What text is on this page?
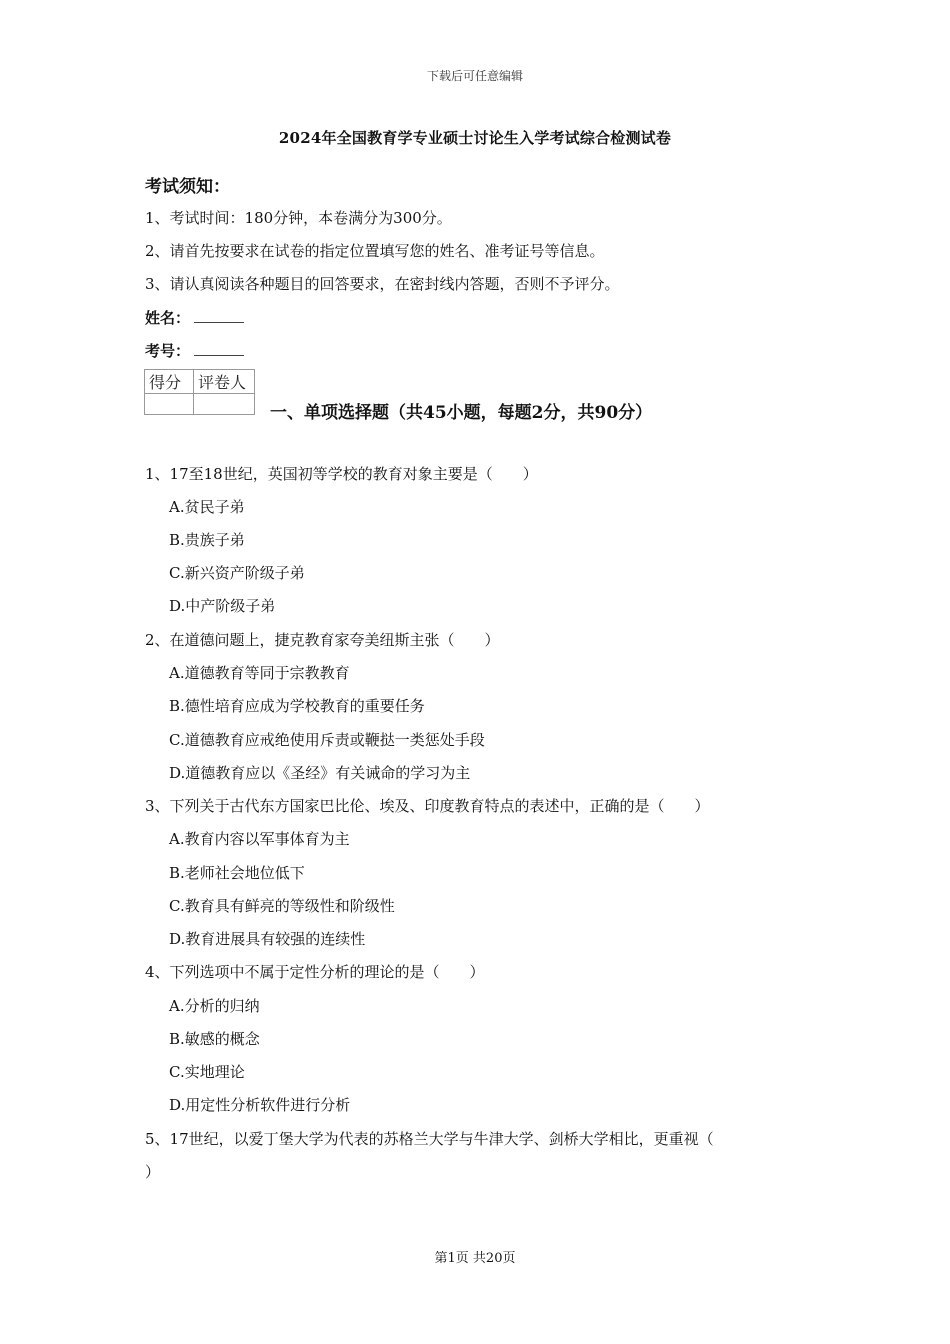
下载后可任意编辑
2024年全国教育学专业硕士讨论生入学考试综合检测试卷
考试须知：
1、考试时间：180分钟，本卷满分为300分。
2、请首先按要求在试卷的指定位置填写您的姓名、准考证号等信息。
3、请认真阅读各种题目的回答要求，在密封线内答题，否则不予评分。
姓名：
考号：
得分	评卷人

一、单项选择题（共45小题，每题2分，共90分）
1、17至18世纪，英国初等学校的教育对象主要是（　　）
A.贫民子弟
B.贵族子弟
C.新兴资产阶级子弟
D.中产阶级子弟
2、在道德问题上，捷克教育家夸美纽斯主张（　　）
A.道德教育等同于宗教教育
B.德性培育应成为学校教育的重要任务
C.道德教育应戒绝使用斥责或鞭挞一类惩处手段
D.道德教育应以《圣经》有关诫命的学习为主
3、下列关于古代东方国家巴比伦、埃及、印度教育特点的表述中，正确的是（　　）
A.教育内容以军事体育为主
B.老师社会地位低下
C.教育具有鲜亮的等级性和阶级性
D.教育进展具有较强的连续性
4、下列选项中不属于定性分析的理论的是（　　）
A.分析的归纳
B.敏感的概念
C.实地理论
D.用定性分析软件进行分析
5、17世纪，以爱丁堡大学为代表的苏格兰大学与牛津大学、剑桥大学相比，更重视（
）
第1页 共20页
